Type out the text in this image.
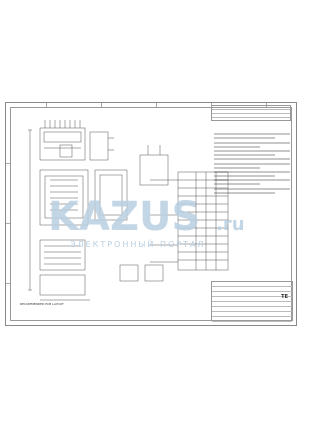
TE
KAZUS .ru
ЭЛЕКТРОННЫЙ ПОРТАЛ
RECOMMENDED PCB LAYOUT
